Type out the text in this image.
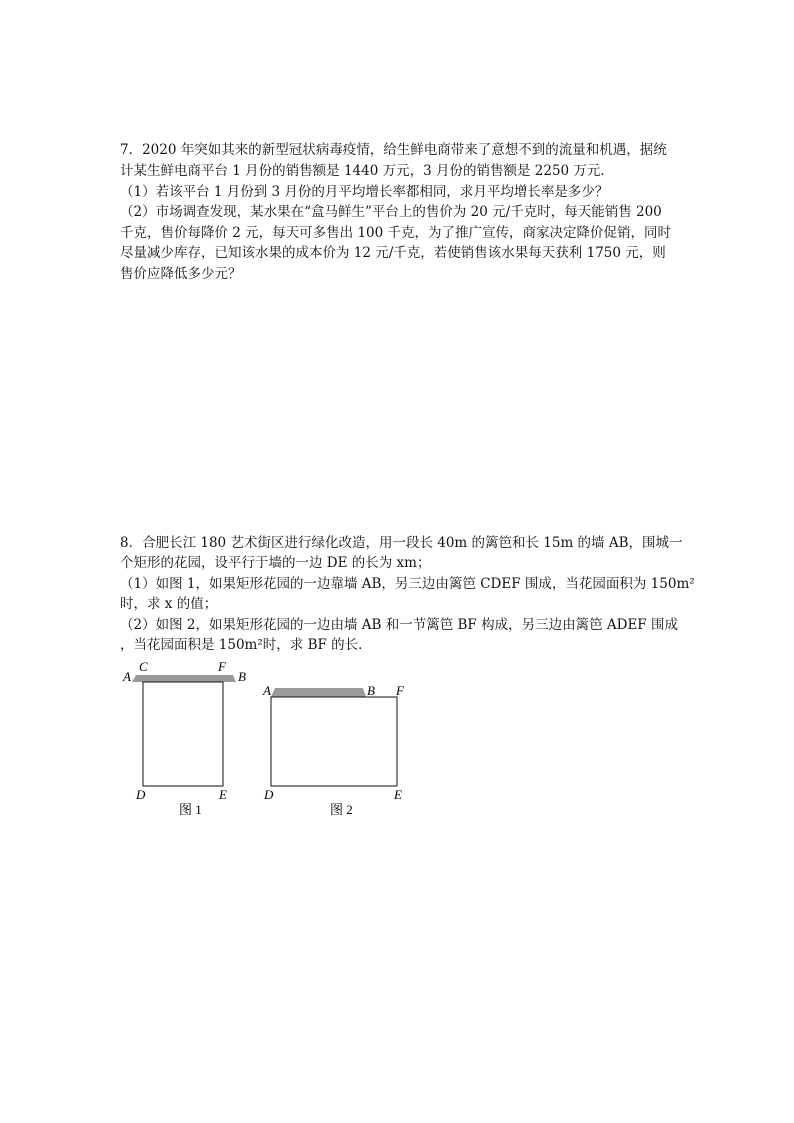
7．2020 年突如其来的新型冠状病毒疫情，给生鲜电商带来了意想不到的流量和机遇，据统
计某生鲜电商平台 1 月份的销售额是 1440 万元，3 月份的销售额是 2250 万元．
（1）若该平台 1 月份到 3 月份的月平均增长率都相同，求月平均增长率是多少？
（2）市场调查发现，某水果在“盒马鲜生”平台上的售价为 20 元/千克时，每天能销售 200
千克，售价每降价 2 元，每天可多售出 100 千克，为了推广宣传，商家决定降价促销，同时
尽量减少库存，已知该水果的成本价为 12 元/千克，若使销售该水果每天获利 1750 元，则
售价应降低多少元？
8．合肥长江 180 艺术街区进行绿化改造，用一段长 40m 的篱笆和长 15m 的墙 AB，围城一
个矩形的花园，设平行于墙的一边 DE 的长为 xm；
（1）如图 1，如果矩形花园的一边靠墙 AB，另三边由篱笆 CDEF 围成，当花园面积为 150m²
时，求 x 的值；
（2）如图 2，如果矩形花园的一边由墙 AB 和一节篱笆 BF 构成，另三边由篱笆 ADEF 围成
，当花园面积是 150m²时，求 BF 的长．
A
C	F
B
D	E
图 1
A	B F
D	E
图 2
